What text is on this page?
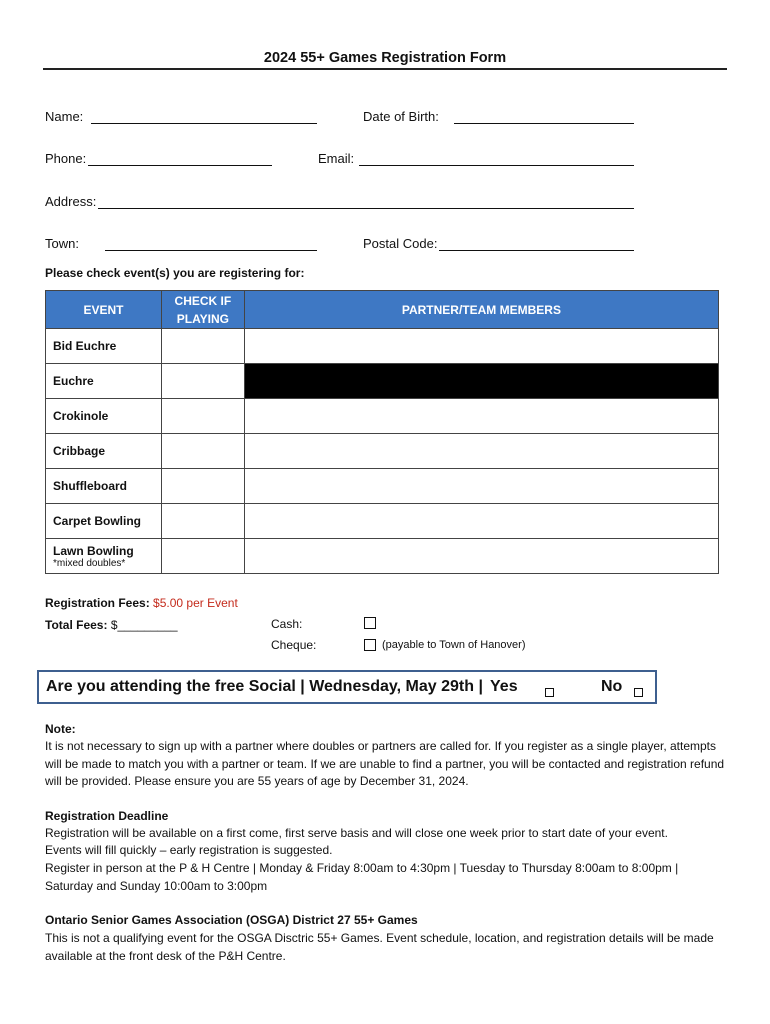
2024 55+ Games Registration Form
Name:	Date of Birth:
Phone:	Email:
Address:
Town:	Postal Code:
Please check event(s) you are registering for:
EVENT	CHECK IF PLAYING	PARTNER/TEAM MEMBERS
Bid Euchre		
Euchre		
Crokinole		
Cribbage		
Shuffleboard		
Carpet Bowling		
Lawn Bowling
*mixed doubles*		

Registration Fees: $5.00 per Event
Total Fees: $_________	Cash:
Cheque:	(payable to Town of Hanover)
Are you attending the free Social | Wednesday, May 29th | Yes	No
Note:
It is not necessary to sign up with a partner where doubles or partners are called for. If you register as a single player, attempts will be made to match you with a partner or team. If we are unable to find a partner, you will be contacted and registration refund will be provided. Please ensure you are 55 years of age by December 31, 2024.
Registration Deadline
Registration will be available on a first come, first serve basis and will close one week prior to start date of your event.
Events will fill quickly – early registration is suggested.
Register in person at the P & H Centre | Monday & Friday 8:00am to 4:30pm | Tuesday to Thursday 8:00am to 8:00pm | Saturday and Sunday 10:00am to 3:00pm
Ontario Senior Games Association (OSGA) District 27 55+ Games
This is not a qualifying event for the OSGA Disctric 55+ Games. Event schedule, location, and registration details will be made available at the front desk of the P&H Centre.
